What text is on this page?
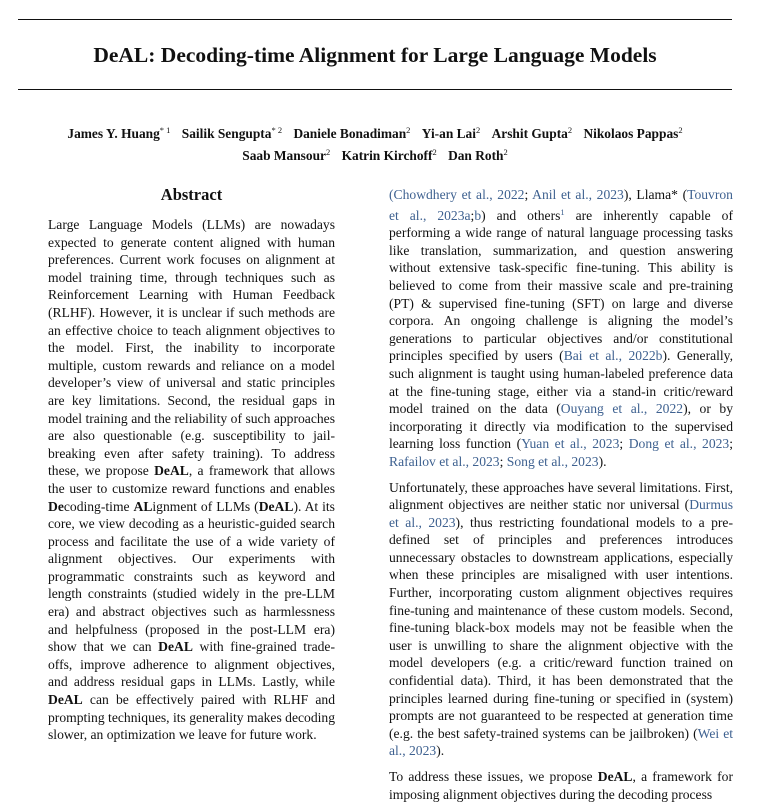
DeAL: Decoding-time Alignment for Large Language Models
James Y. Huang$^{* 1}$ Sailik Sengupta$^{* 2}$ Daniele Bonadiman$^2$ Yi-an Lai$^2$ Arshit Gupta$^2$ Nikolaos Pappas$^2$
Saab Mansour$^2$ Katrin Kirchoff$^2$ Dan Roth$^2$
Abstract
Large Language Models (LLMs) are nowadays expected to generate content aligned with human preferences. Current work focuses on alignment at model training time, through techniques such as Reinforcement Learning with Human Feedback (RLHF). However, it is unclear if such methods are an effective choice to teach alignment objectives to the model. First, the inability to incorporate multiple, custom rewards and reliance on a model developer’s view of universal and static principles are key limitations. Second, the residual gaps in model training and the reliability of such approaches are also questionable (e.g. susceptibility to jail-breaking even after safety training). To address these, we propose DeAL, a framework that allows the user to customize reward functions and enables Decoding-time ALignment of LLMs (DeAL). At its core, we view decoding as a heuristic-guided search process and facilitate the use of a wide variety of alignment objectives. Our experiments with programmatic constraints such as keyword and length constraints (studied widely in the pre-LLM era) and abstract objectives such as harmlessness and helpfulness (proposed in the post-LLM era) show that we can DeAL with fine-grained trade-offs, improve adherence to alignment objectives, and address residual gaps in LLMs. Lastly, while DeAL can be effectively paired with RLHF and prompting techniques, its generality makes decoding slower, an optimization we leave for future work.

(Chowdhery et al., 2022; Anil et al., 2023), Llama* (Touvron et al., 2023a;b) and others$^1$ are inherently capable of performing a wide range of natural language processing tasks like translation, summarization, and question answering without extensive task-specific fine-tuning. This ability is believed to come from their massive scale and pre-training (PT) & supervised fine-tuning (SFT) on large and diverse corpora. An ongoing challenge is aligning the model’s generations to particular objectives and/or constitutional principles specified by users (Bai et al., 2022b). Generally, such alignment is taught using human-labeled preference data at the fine-tuning stage, either via a stand-in critic/reward model trained on the data (Ouyang et al., 2022), or by incorporating it directly via modification to the supervised learning loss function (Yuan et al., 2023; Dong et al., 2023; Rafailov et al., 2023; Song et al., 2023).

Unfortunately, these approaches have several limitations. First, alignment objectives are neither static nor universal (Durmus et al., 2023), thus restricting foundational models to a pre-defined set of principles and preferences introduces unnecessary obstacles to downstream applications, especially when these principles are misaligned with user intentions. Further, incorporating custom alignment objectives requires fine-tuning and maintenance of these custom models. Second, fine-tuning black-box models may not be feasible when the user is unwilling to share the alignment objective with the model developers (e.g. a critic/reward function trained on confidential data). Third, it has been demonstrated that the principles learned during fine-tuning or specified in (system) prompts are not guaranteed to be respected at generation time (e.g. the best safety-trained systems can be jailbroken) (Wei et al., 2023).

To address these issues, we propose DeAL, a framework for imposing alignment objectives during the decoding process
